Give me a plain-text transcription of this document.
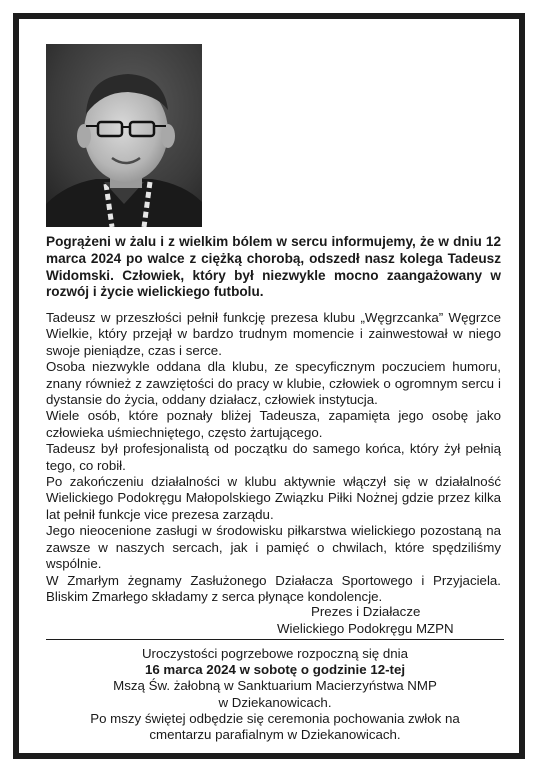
Pogrążeni w żalu i z wielkim bólem w sercu informujemy, że w dniu 12 marca 2024 po walce z ciężką chorobą, odszedł nasz kolega Tadeusz Widomski. Człowiek, który był niezwykle mocno zaangażowany w rozwój i życie wielickiego futbolu.

Tadeusz w przeszłości pełnił funkcję prezesa klubu „Węgrzcanka” Węgrzce Wielkie, który przejął w bardzo trudnym momencie i zainwestował w niego swoje pieniądze, czas i serce.

Osoba niezwykle oddana dla klubu, ze specyficznym poczuciem humoru, znany również z zawziętości do pracy w klubie, człowiek o ogromnym sercu i dystansie do życia, oddany działacz, człowiek instytucja.

Wiele osób, które poznały bliżej Tadeusza, zapamięta jego osobę jako człowieka uśmiechniętego, często żartującego.

Tadeusz był profesjonalistą od początku do samego końca, który żył pełnią tego, co robił.

Po zakończeniu działalności w klubu aktywnie włączył się w działalność Wielickiego Podokręgu Małopolskiego Związku Piłki Nożnej gdzie przez kilka lat pełnił funkcje vice prezesa zarządu.

Jego nieocenione zasługi w środowisku piłkarstwa wielickiego pozostaną na zawsze w naszych sercach, jak i pamięć o chwilach, które spędziliśmy wspólnie.

W Zmarłym żegnamy Zasłużonego Działacza Sportowego i Przyjaciela. Bliskim Zmarłego składamy z serca płynące kondolencje.

Prezes i Działacze
Wielickiego Podokręgu MZPN
Uroczystości pogrzebowe rozpoczną się dnia
16 marca 2024 w sobotę o godzinie 12-tej
Mszą Św. żałobną w Sanktuarium Macierzyństwa NMP
w Dziekanowicach.
Po mszy świętej odbędzie się ceremonia pochowania zwłok na
cmentarzu parafialnym w Dziekanowicach.
